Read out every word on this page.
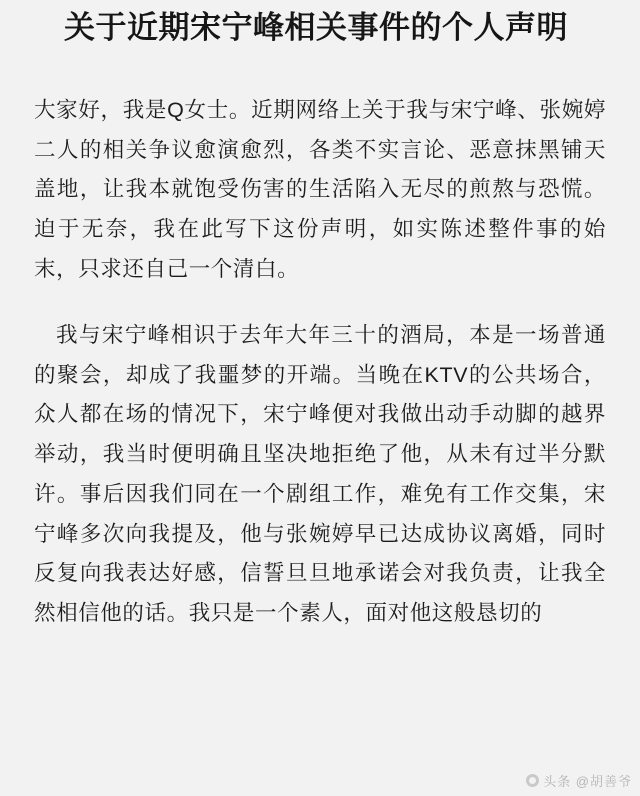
关于近期宋宁峰相关事件的个人声明

大家好，我是Q女士。近期网络上关于我与宋宁峰、张婉婷二人的相关争议愈演愈烈，各类不实言论、恶意抹黑铺天盖地，让我本就饱受伤害的生活陷入无尽的煎熬与恐慌。迫于无奈，我在此写下这份声明，如实陈述整件事的始末，只求还自己一个清白。

我与宋宁峰相识于去年大年三十的酒局，本是一场普通的聚会，却成了我噩梦的开端。当晚在KTV的公共场合，众人都在场的情况下，宋宁峰便对我做出动手动脚的越界举动，我当时便明确且坚决地拒绝了他，从未有过半分默许。事后因我们同在一个剧组工作，难免有工作交集，宋宁峰多次向我提及，他与张婉婷早已达成协议离婚，同时反复向我表达好感，信誓旦旦地承诺会对我负责，让我全然相信他的话。我只是一个素人，面对他这般恳切的

头条 @胡善爷
